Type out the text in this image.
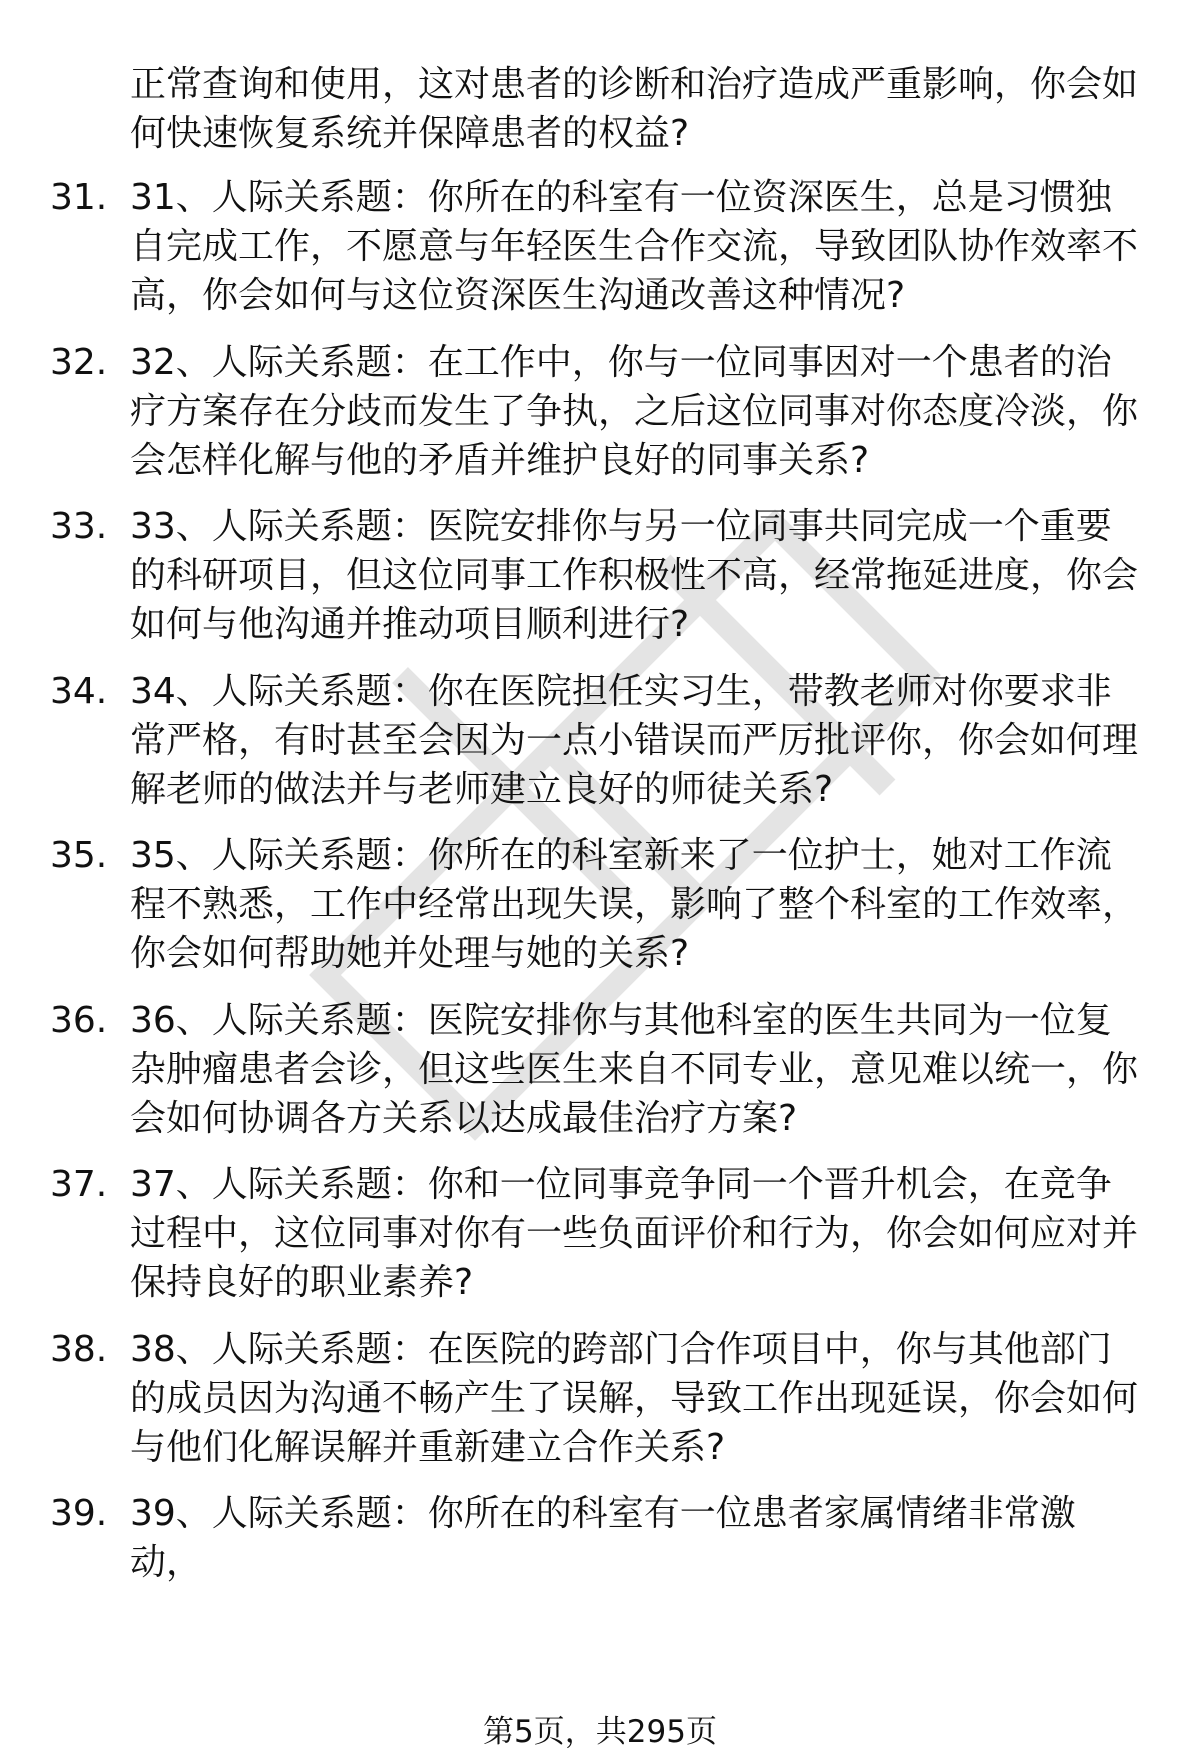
正常查询和使用，这对患者的诊断和治疗造成严重影响，你会如何快速恢复系统并保障患者的权益?

31. 31、人际关系题：你所在的科室有一位资深医生，总是习惯独自完成工作，不愿意与年轻医生合作交流，导致团队协作效率不高，你会如何与这位资深医生沟通改善这种情况?

32. 32、人际关系题：在工作中，你与一位同事因对一个患者的治疗方案存在分歧而发生了争执，之后这位同事对你态度冷淡，你会怎样化解与他的矛盾并维护良好的同事关系?

33. 33、人际关系题：医院安排你与另一位同事共同完成一个重要的科研项目，但这位同事工作积极性不高，经常拖延进度，你会如何与他沟通并推动项目顺利进行?

34. 34、人际关系题：你在医院担任实习生，带教老师对你要求非常严格，有时甚至会因为一点小错误而严厉批评你，你会如何理解老师的做法并与老师建立良好的师徒关系?

35. 35、人际关系题：你所在的科室新来了一位护士，她对工作流程不熟悉，工作中经常出现失误，影响了整个科室的工作效率，你会如何帮助她并处理与她的关系?

36. 36、人际关系题：医院安排你与其他科室的医生共同为一位复杂肿瘤患者会诊，但这些医生来自不同专业，意见难以统一，你会如何协调各方关系以达成最佳治疗方案?

37. 37、人际关系题：你和一位同事竞争同一个晋升机会，在竞争过程中，这位同事对你有一些负面评价和行为，你会如何应对并保持良好的职业素养?

38. 38、人际关系题：在医院的跨部门合作项目中，你与其他部门的成员因为沟通不畅产生了误解，导致工作出现延误，你会如何与他们化解误解并重新建立合作关系?

39. 39、人际关系题：你所在的科室有一位患者家属情绪非常激动，

第5页，共295页
